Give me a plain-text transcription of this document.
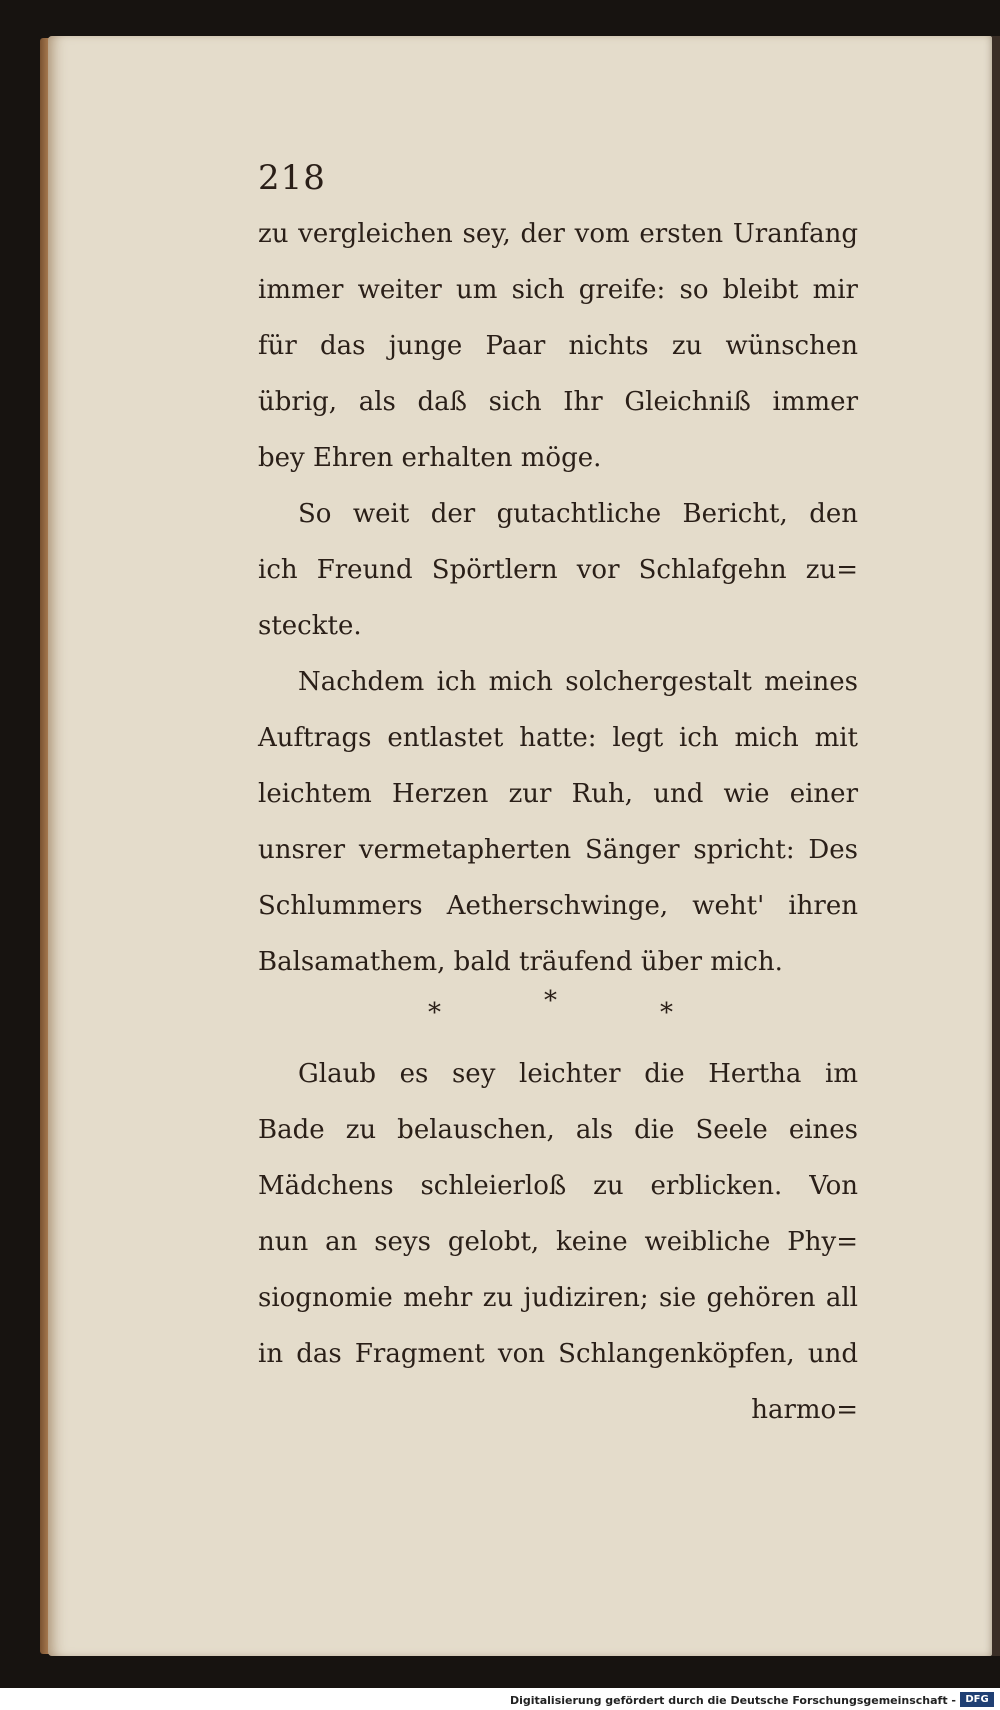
218
zu vergleichen sey, der vom ersten Uranfang
immer weiter um sich greife: so bleibt mir
für das junge Paar nichts zu wünschen
übrig, als daß sich Ihr Gleichniß immer
bey Ehren erhalten möge.
So weit der gutachtliche Bericht, den
ich Freund Spörtlern vor Schlafgehn zu=
steckte.
Nachdem ich mich solchergestalt meines
Auftrags entlastet hatte: legt ich mich mit
leichtem Herzen zur Ruh, und wie einer
unsrer vermetapherten Sänger spricht: Des
Schlummers Aetherschwinge, weht' ihren
Balsamathem, bald träufend über mich.
*	*	*
Glaub es sey leichter die Hertha im
Bade zu belauschen, als die Seele eines
Mädchens schleierloß zu erblicken. Von
nun an seys gelobt, keine weibliche Phy=
siognomie mehr zu judiziren; sie gehören all
in das Fragment von Schlangenköpfen, und
harmo=
Digitalisierung gefördert durch die Deutsche Forschungsgemeinschaft - DFG
